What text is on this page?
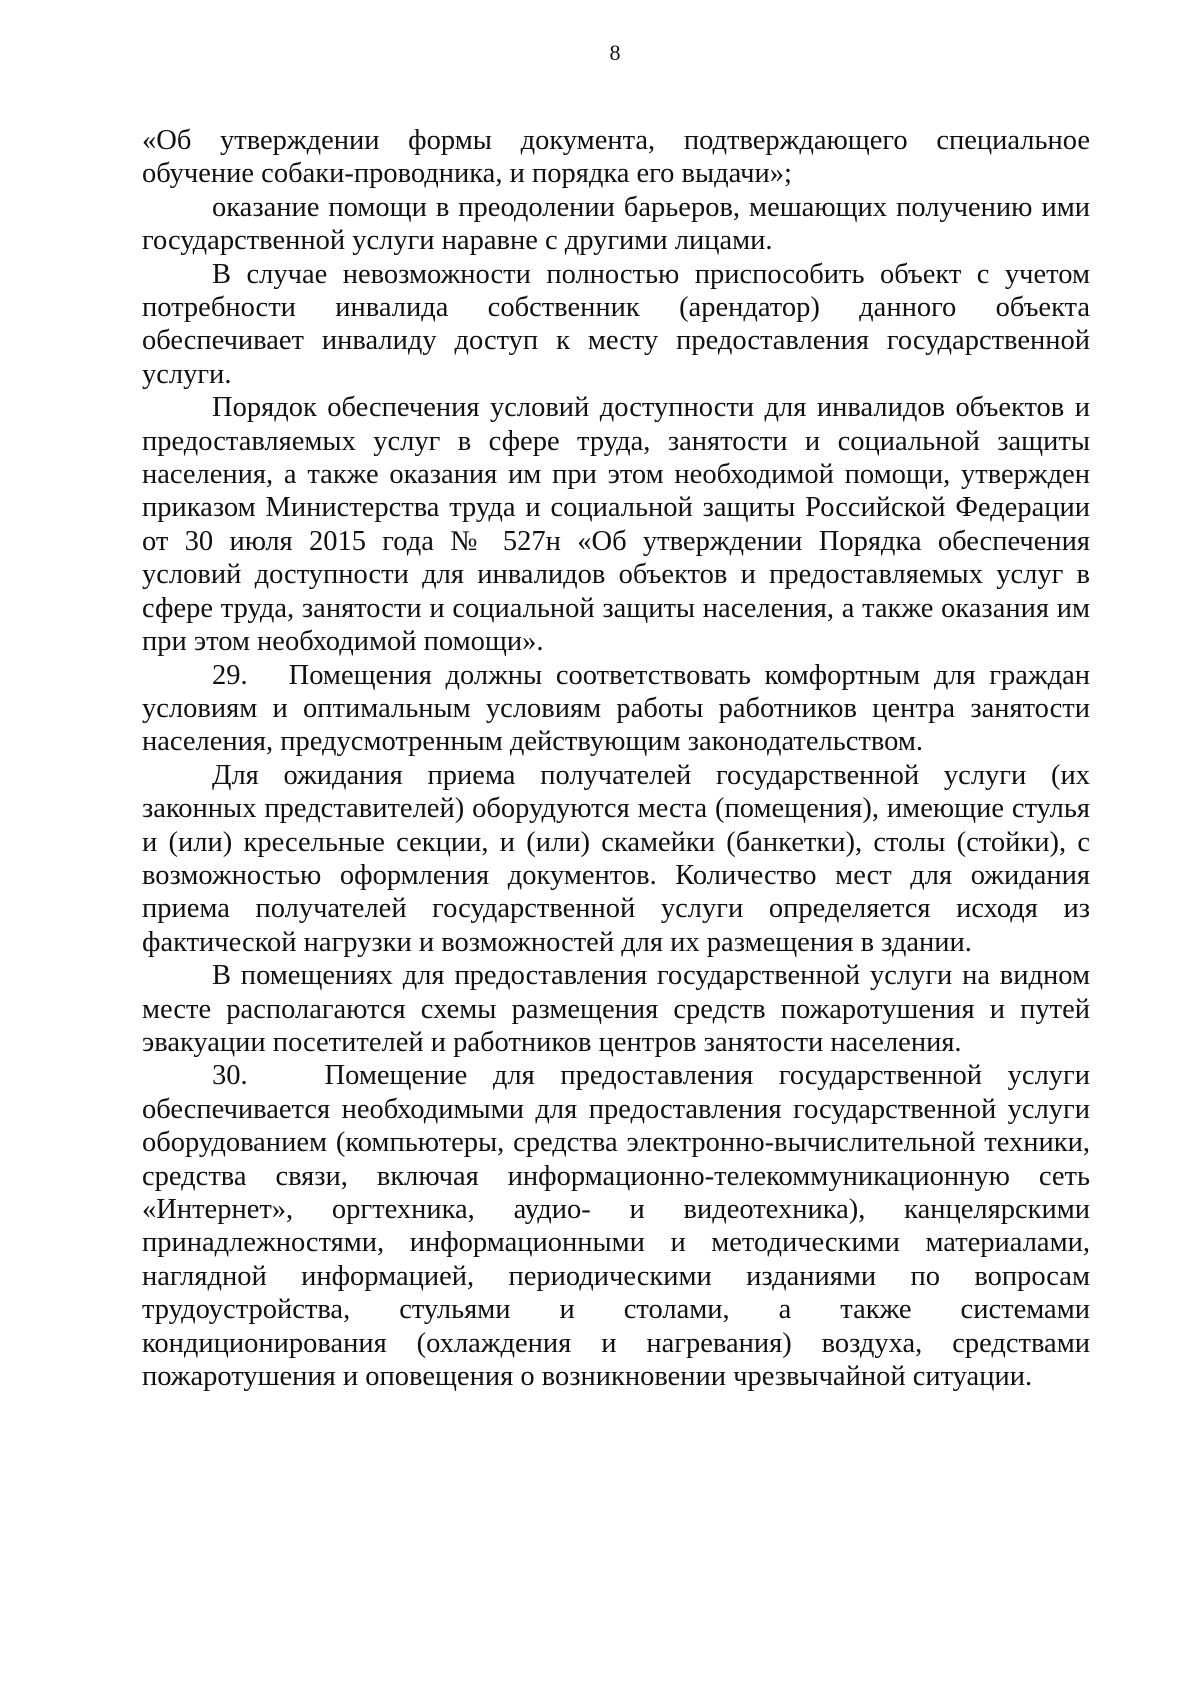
8

«Об утверждении формы документа, подтверждающего специальное обучение собаки-проводника, и порядка его выдачи»;

оказание помощи в преодолении барьеров, мешающих получению ими государственной услуги наравне с другими лицами.

В случае невозможности полностью приспособить объект с учетом потребности инвалида собственник (арендатор) данного объекта обеспечивает инвалиду доступ к месту предоставления государственной услуги.

Порядок обеспечения условий доступности для инвалидов объектов и предоставляемых услуг в сфере труда, занятости и социальной защиты населения, а также оказания им при этом необходимой помощи, утвержден приказом Министерства труда и социальной защиты Российской Федерации от 30 июля 2015 года № 527н «Об утверждении Порядка обеспечения условий доступности для инвалидов объектов и предоставляемых услуг в сфере труда, занятости и социальной защиты населения, а также оказания им при этом необходимой помощи».

29.   Помещения должны соответствовать комфортным для граждан условиям и оптимальным условиям работы работников центра занятости населения, предусмотренным действующим законодательством.

Для ожидания приема получателей государственной услуги (их законных представителей) оборудуются места (помещения), имеющие стулья и (или) кресельные секции, и (или) скамейки (банкетки), столы (стойки), с возможностью оформления документов. Количество мест для ожидания приема получателей государственной услуги определяется исходя из фактической нагрузки и возможностей для их размещения в здании.

В помещениях для предоставления государственной услуги на видном месте располагаются схемы размещения средств пожаротушения и путей эвакуации посетителей и работников центров занятости населения.

30.   Помещение для предоставления государственной услуги обеспечивается необходимыми для предоставления государственной услуги оборудованием (компьютеры, средства электронно-вычислительной техники, средства связи, включая информационно-телекоммуникационную сеть «Интернет», оргтехника, аудио- и видеотехника), канцелярскими принадлежностями, информационными и методическими материалами, наглядной информацией, периодическими изданиями по вопросам трудоустройства, стульями и столами, а также системами кондиционирования (охлаждения и нагревания) воздуха, средствами пожаротушения и оповещения о возникновении чрезвычайной ситуации.
